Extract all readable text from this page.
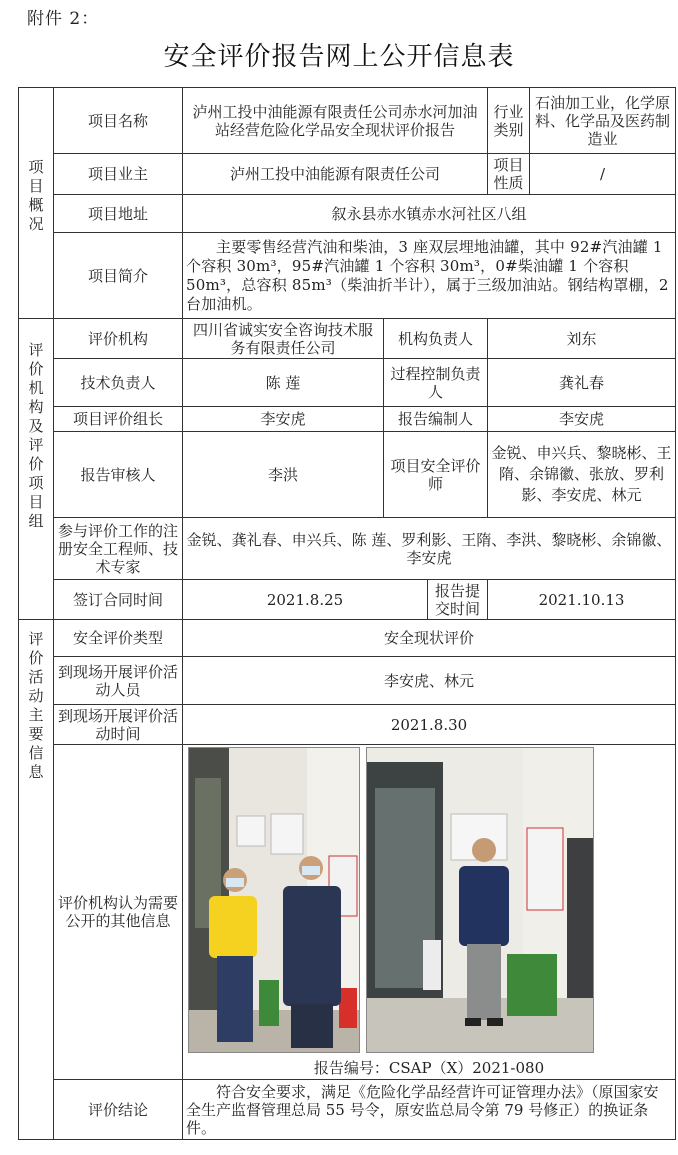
附件 2：
安全评价报告网上公开信息表
项目概况	项目名称	泸州工投中油能源有限责任公司赤水河加油站经营危险化学品安全现状评价报告			行业类别	石油加工业，化学原料、化学品及医药制造业
	项目业主	泸州工投中油能源有限责任公司			项目性质	/
	项目地址	叙永县赤水镇赤水河社区八组				
	项目简介	主要零售经营汽油和柴油，3 座双层埋地油罐，其中 92#汽油罐 1 个容积 30m³，95#汽油罐 1 个容积 30m³，0#柴油罐 1 个容积 50m³，总容积 85m³（柴油折半计），属于三级加油站。钢结构罩棚，2 台加油机。				

评价机构及评价项目组	评价机构	四川省诚实安全咨询技术服务有限责任公司	机构负责人		刘东	
	技术负责人	陈 莲	过程控制负责人		龚礼春	
	项目评价组长	李安虎	报告编制人		李安虎	
	报告审核人	李洪	项目安全评价师		金锐、申兴兵、黎晓彬、王隋、余锦徽、张放、罗利影、李安虎、林元	
	参与评价工作的注册安全工程师、技术专家	金锐、龚礼春、申兴兵、陈 莲、罗利影、王隋、李洪、黎晓彬、余锦徽、李安虎				
	签订合同时间	2021.8.25		报告提交时间	2021.10.13	

评价活动主要信息	安全评价类型	安全现状评价				
	到现场开展评价活动人员	李安虎、林元				
	到现场开展评价活动时间	2021.8.30				
	评价机构认为需要公开的其他信息	报告编号：CSAP（X）2021-080				

	评价结论	符合安全要求，满足《危险化学品经营许可证管理办法》（原国家安全生产监督管理总局 55 号令，原安监总局令第 79 号修正）的换证条件。				
